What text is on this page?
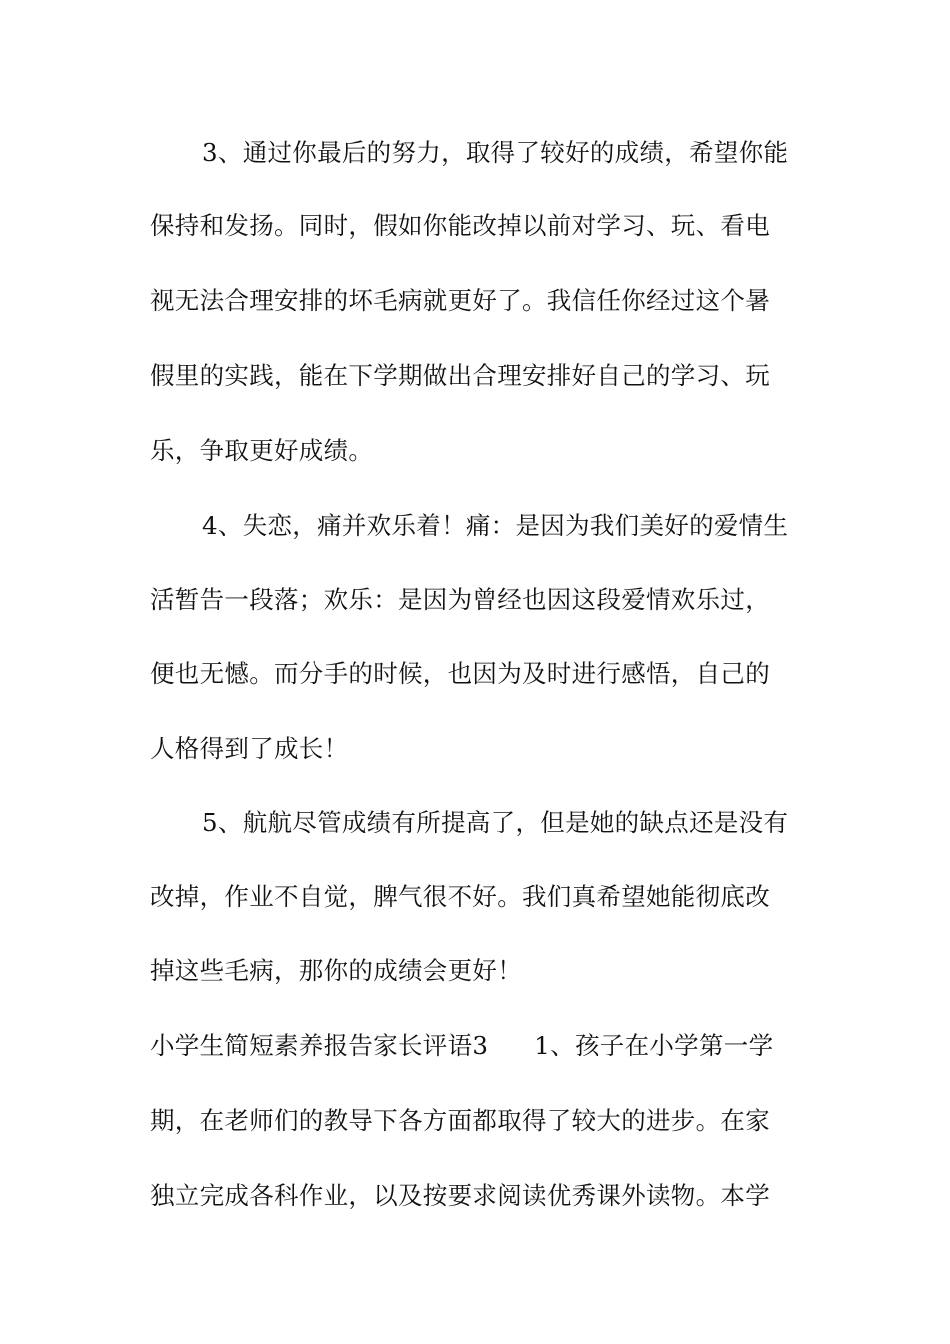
3、通过你最后的努力，取得了较好的成绩，希望你能
保持和发扬。同时，假如你能改掉以前对学习、玩、看电
视无法合理安排的坏毛病就更好了。我信任你经过这个暑
假里的实践，能在下学期做出合理安排好自己的学习、玩
乐，争取更好成绩。
4、失恋，痛并欢乐着！痛：是因为我们美好的爱情生
活暂告一段落；欢乐：是因为曾经也因这段爱情欢乐过，
便也无憾。而分手的时候，也因为及时进行感悟，自己的
人格得到了成长！
5、航航尽管成绩有所提高了，但是她的缺点还是没有
改掉，作业不自觉，脾气很不好。我们真希望她能彻底改
掉这些毛病，那你的成绩会更好！
小学生简短素养报告家长评语3 1、孩子在小学第一学
期，在老师们的教导下各方面都取得了较大的进步。在家
独立完成各科作业，以及按要求阅读优秀课外读物。本学
